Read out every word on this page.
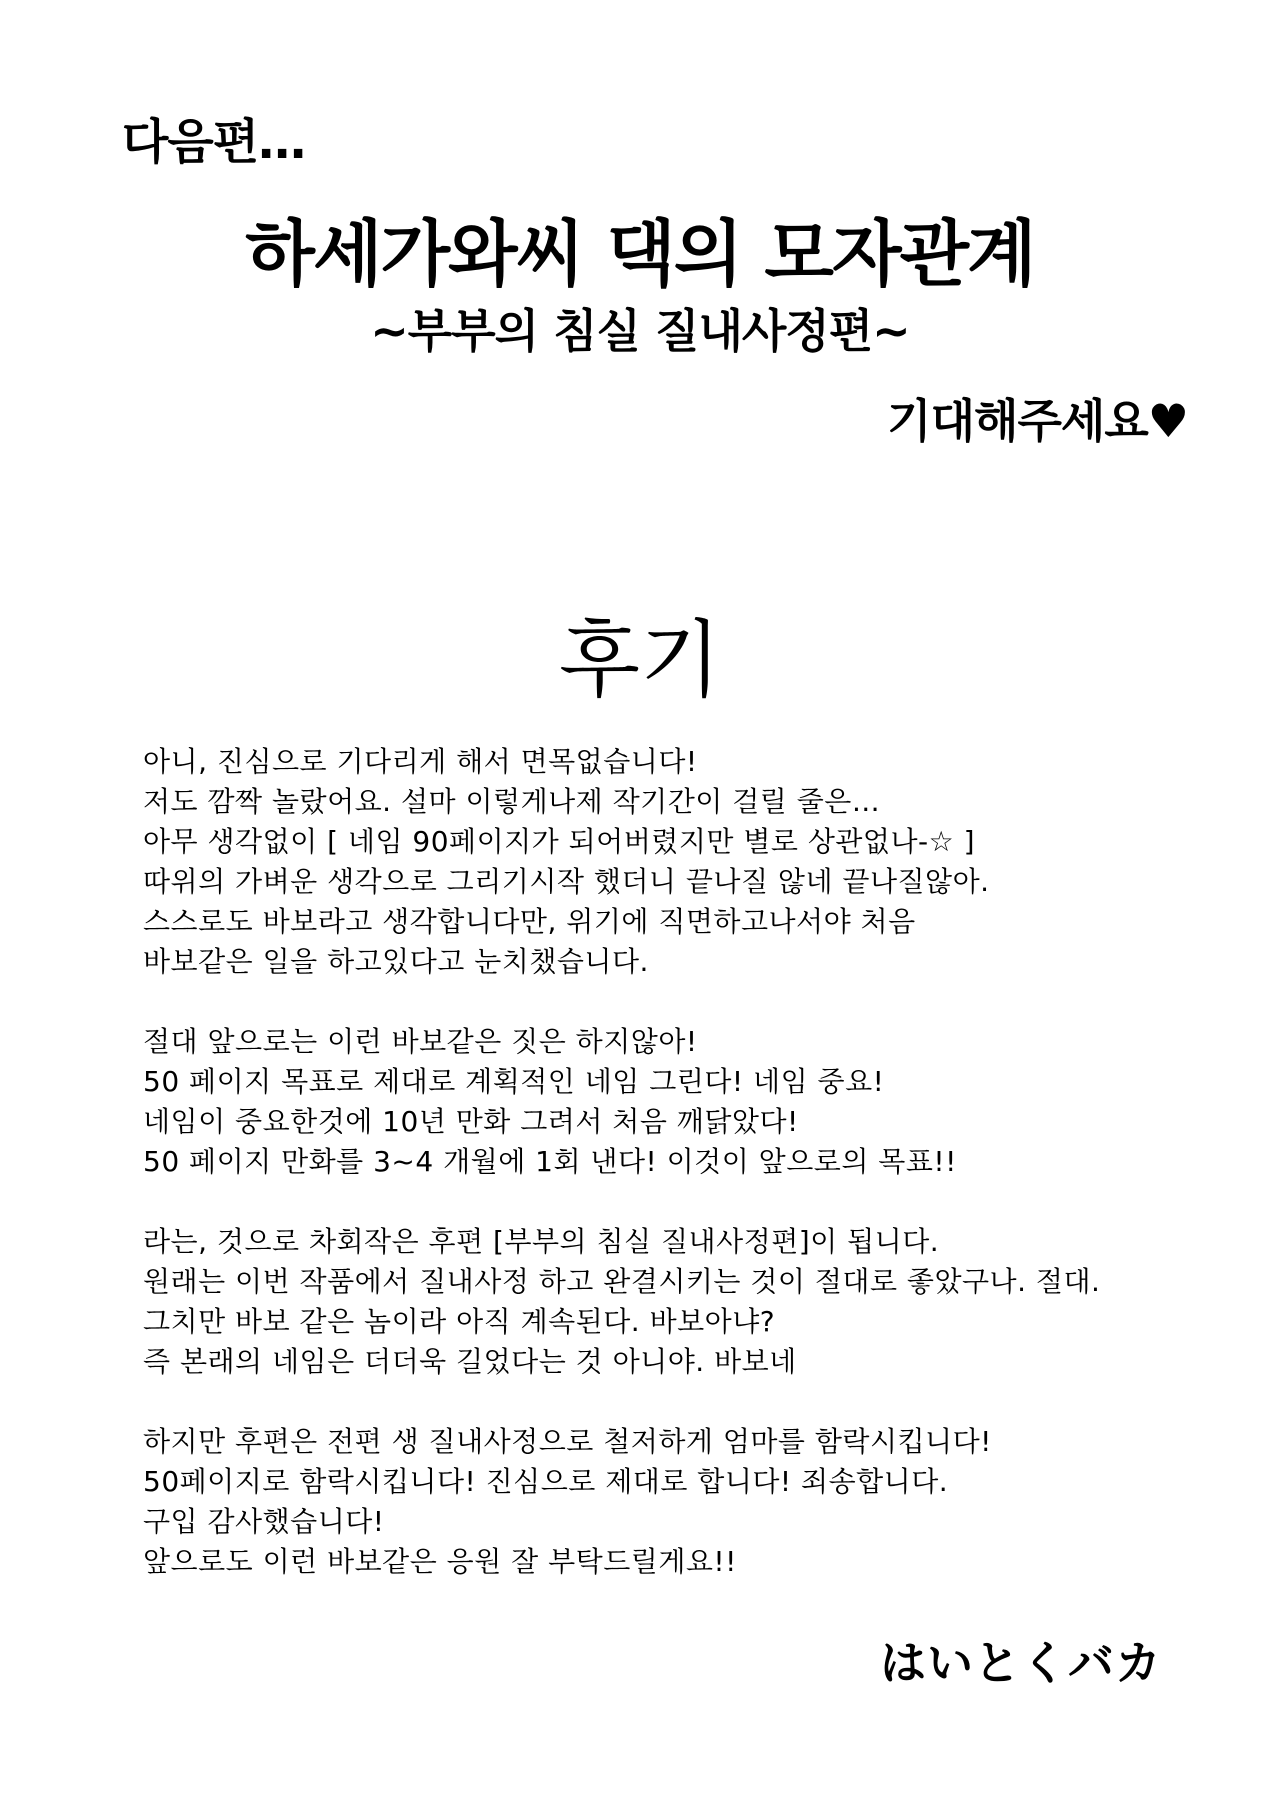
다음편…
하세가와씨 댁의 모자관계
~부부의 침실 질내사정편~
기대해주세요♥
후기
아니, 진심으로 기다리게 해서 면목없습니다!
저도 깜짝 놀랐어요. 설마 이렇게나제 작기간이 걸릴 줄은…
아무 생각없이 [ 네임 90페이지가 되어버렸지만 별로 상관없나-☆ ]
따위의 가벼운 생각으로 그리기시작 했더니 끝나질 않네 끝나질않아.
스스로도 바보라고 생각합니다만, 위기에 직면하고나서야 처음
바보같은 일을 하고있다고 눈치챘습니다.
절대 앞으로는 이런 바보같은 짓은 하지않아!
50 페이지 목표로 제대로 계획적인 네임 그린다! 네임 중요!
네임이 중요한것에 10년 만화 그려서 처음 깨닭았다!
50 페이지 만화를 3~4 개월에 1회 낸다! 이것이 앞으로의 목표!!
라는, 것으로 차회작은 후편 [부부의 침실 질내사정편]이 됩니다.
원래는 이번 작품에서 질내사정 하고 완결시키는 것이 절대로 좋았구나. 절대.
그치만 바보 같은 놈이라 아직 계속된다. 바보아냐?
즉 본래의 네임은 더더욱 길었다는 것 아니야. 바보네
하지만 후편은 전편 생 질내사정으로 철저하게 엄마를 함락시킵니다!
50페이지로 함락시킵니다! 진심으로 제대로 합니다! 죄송합니다.
구입 감사했습니다!
앞으로도 이런 바보같은 응원 잘 부탁드릴게요!!
はいとくバカ
